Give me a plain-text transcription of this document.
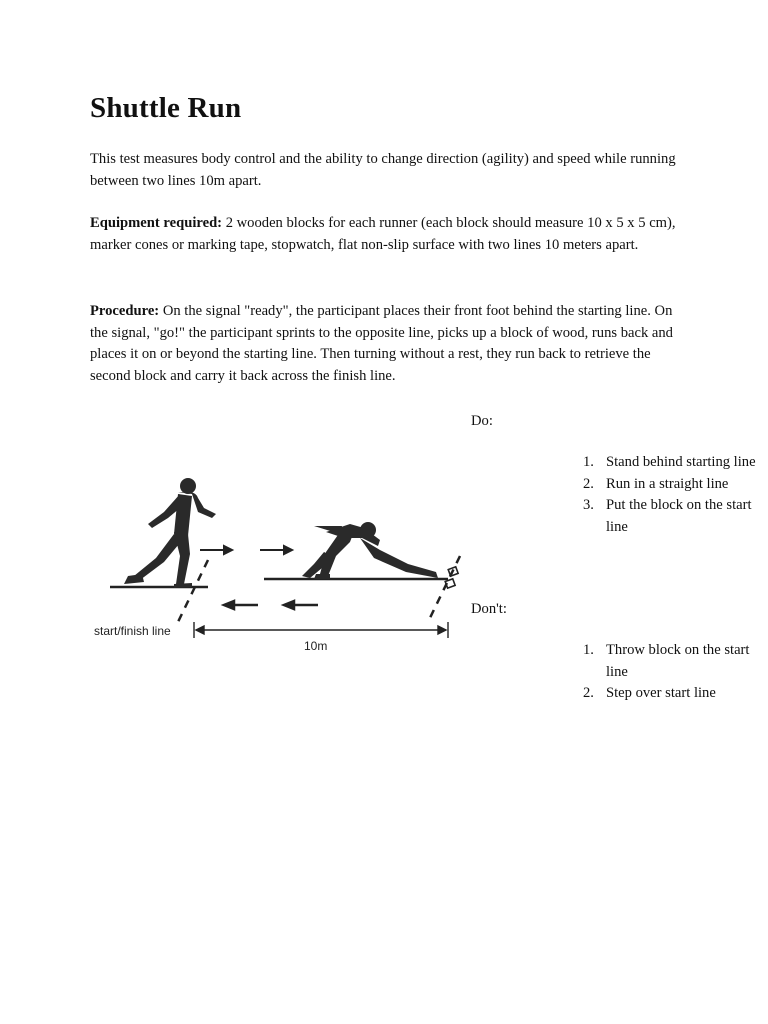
Shuttle Run

This test measures body control and the ability to change direction (agility) and speed while running between two lines 10m apart.

Equipment required: 2 wooden blocks for each runner (each block should measure 10 x 5 x 5 cm), marker cones or marking tape, stopwatch, flat non-slip surface with two lines 10 meters apart.

Procedure: On the signal "ready", the participant places their front foot behind the starting line. On the signal, "go!" the participant sprints to the opposite line, picks up a block of wood, runs back and places it on or beyond the starting line. Then turning without a rest, they run back to retrieve the second block and carry it back across the finish line.

start/finish line
10m

Do:

1. Stand behind starting line
2. Run in a straight line
3. Put the block on the start line

Don't:

1. Throw block on the start line
2. Step over start line
